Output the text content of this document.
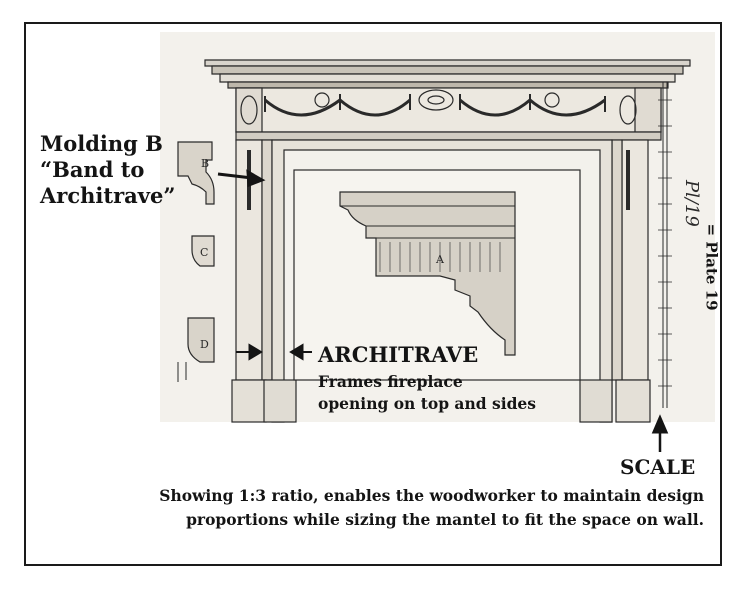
A
B
C
D
Pl/19
Molding B
“Band to
Architrave”
ARCHITRAVE
Frames fireplace
opening on top and sides
= Plate 19
SCALE
Showing 1:3 ratio, enables the woodworker to maintain design
proportions while sizing the mantel to fit the space on wall.
